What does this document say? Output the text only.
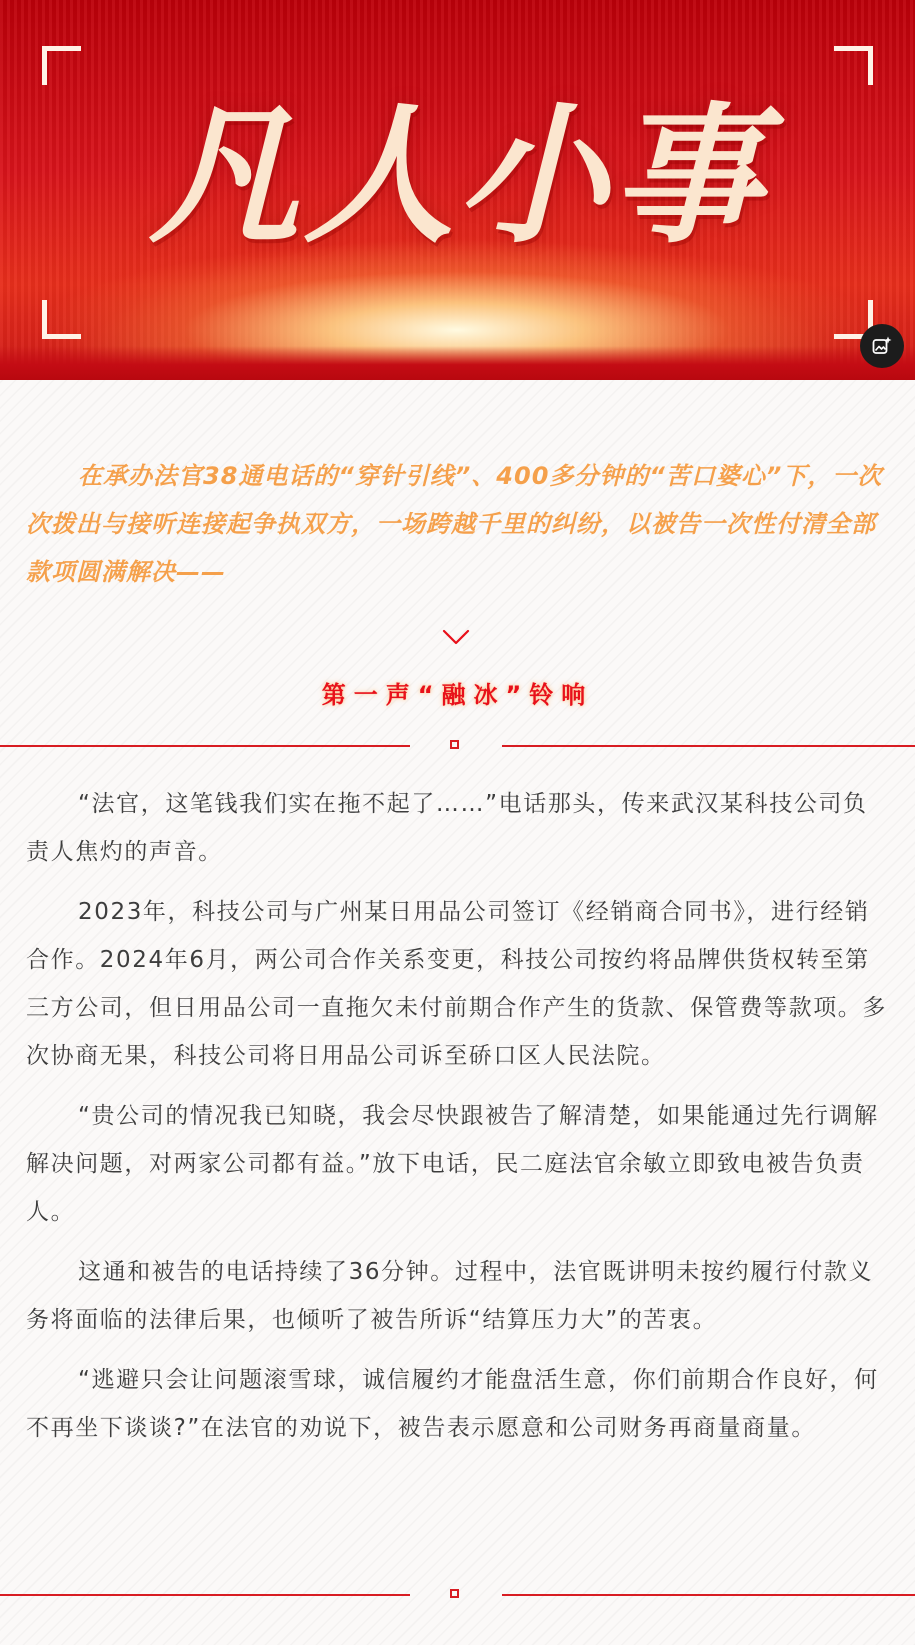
凡人小事

在承办法官38通电话的“穿针引线”、400多分钟的“苦口婆心”下，一次次拨出与接听连接起争执双方，一场跨越千里的纠纷，以被告一次性付清全部款项圆满解决——

第一声“融冰”铃响

“法官，这笔钱我们实在拖不起了……”电话那头，传来武汉某科技公司负责人焦灼的声音。

2023年，科技公司与广州某日用品公司签订《经销商合同书》，进行经销合作。2024年6月，两公司合作关系变更，科技公司按约将品牌供货权转至第三方公司，但日用品公司一直拖欠未付前期合作产生的货款、保管费等款项。多次协商无果，科技公司将日用品公司诉至硚口区人民法院。

“贵公司的情况我已知晓，我会尽快跟被告了解清楚，如果能通过先行调解解决问题，对两家公司都有益。”放下电话，民二庭法官余敏立即致电被告负责人。

这通和被告的电话持续了36分钟。过程中，法官既讲明未按约履行付款义务将面临的法律后果，也倾听了被告所诉“结算压力大”的苦衷。

“逃避只会让问题滚雪球，诚信履约才能盘活生意，你们前期合作良好，何不再坐下谈谈?”在法官的劝说下，被告表示愿意和公司财务再商量商量。
